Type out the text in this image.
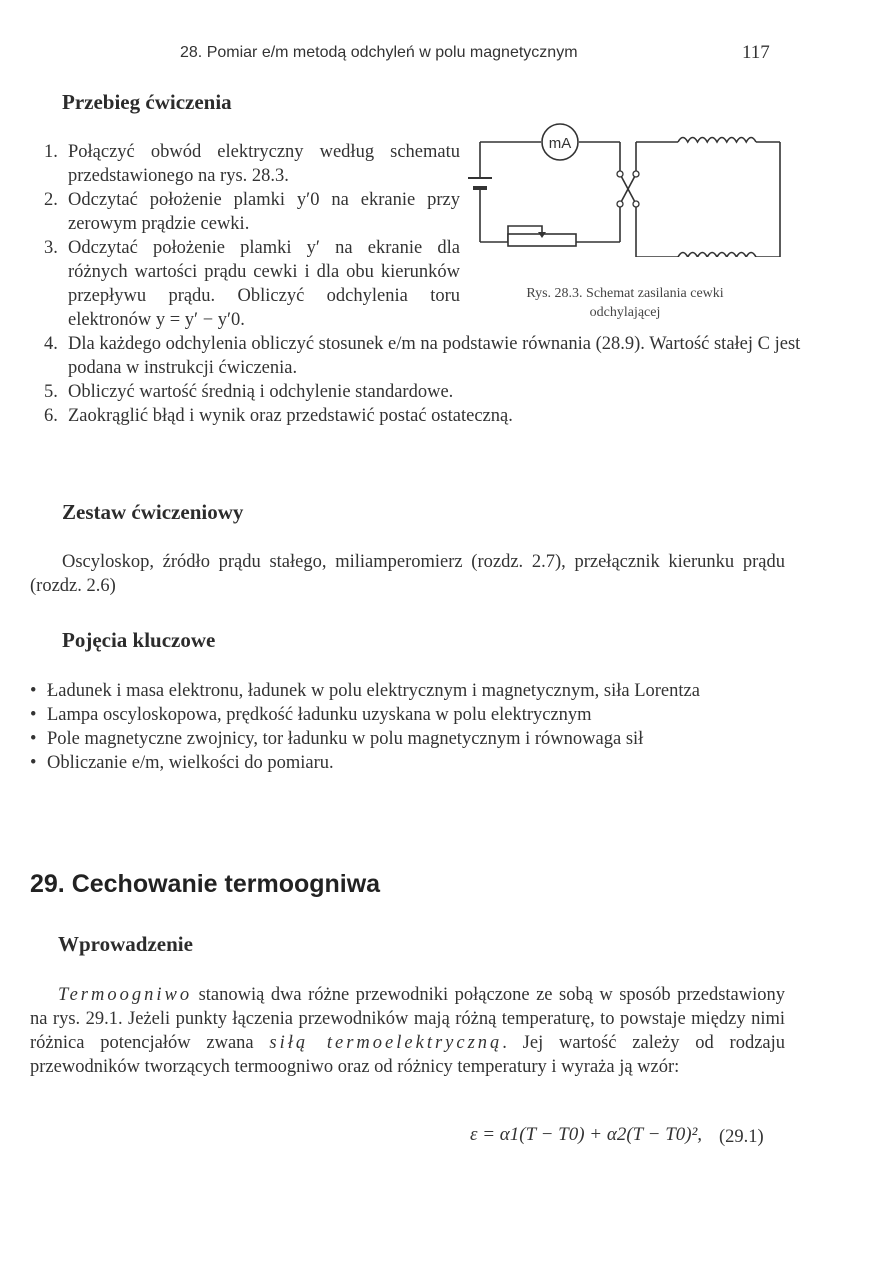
28. Pomiar e/m metodą odchyleń w polu magnetycznym	117
Przebieg ćwiczenia
1. Połączyć obwód elektryczny według schematu przedstawionego na rys. 28.3.
2. Odczytać położenie plamki y′0 na ekranie przy zerowym prądzie cewki.
3. Odczytać położenie plamki y′ na ekranie dla różnych wartości prądu cewki i dla obu kierunków przepływu prądu. Obliczyć odchylenia toru elektronów y = y′ − y′0.
4. Dla każdego odchylenia obliczyć stosunek e/m na podstawie równania (28.9). Wartość stałej C jest podana w instrukcji ćwiczenia.
5. Obliczyć wartość średnią i odchylenie standardowe.
6. Zaokrąglić błąd i wynik oraz przedstawić postać ostateczną.
mA
Rys. 28.3. Schemat zasilania cewki odchylającej
Zestaw ćwiczeniowy
Oscyloskop, źródło prądu stałego, miliamperomierz (rozdz. 2.7), przełącznik kierunku prądu (rozdz. 2.6)
Pojęcia kluczowe
• Ładunek i masa elektronu, ładunek w polu elektrycznym i magnetycznym, siła Lorentza
• Lampa oscyloskopowa, prędkość ładunku uzyskana w polu elektrycznym
• Pole magnetyczne zwojnicy, tor ładunku w polu magnetycznym i równowaga sił
• Obliczanie e/m, wielkości do pomiaru.
29. Cechowanie termoogniwa
Wprowadzenie
Termoogniwo stanowią dwa różne przewodniki połączone ze sobą w sposób przedstawiony na rys. 29.1. Jeżeli punkty łączenia przewodników mają różną temperaturę, to powstaje między nimi różnica potencjałów zwana siłą termoelektryczną. Jej wartość zależy od rodzaju przewodników tworzących termoogniwo oraz od różnicy temperatury i wyraża ją wzór:
ε = α1(T − T0) + α2(T − T0)², (29.1)
